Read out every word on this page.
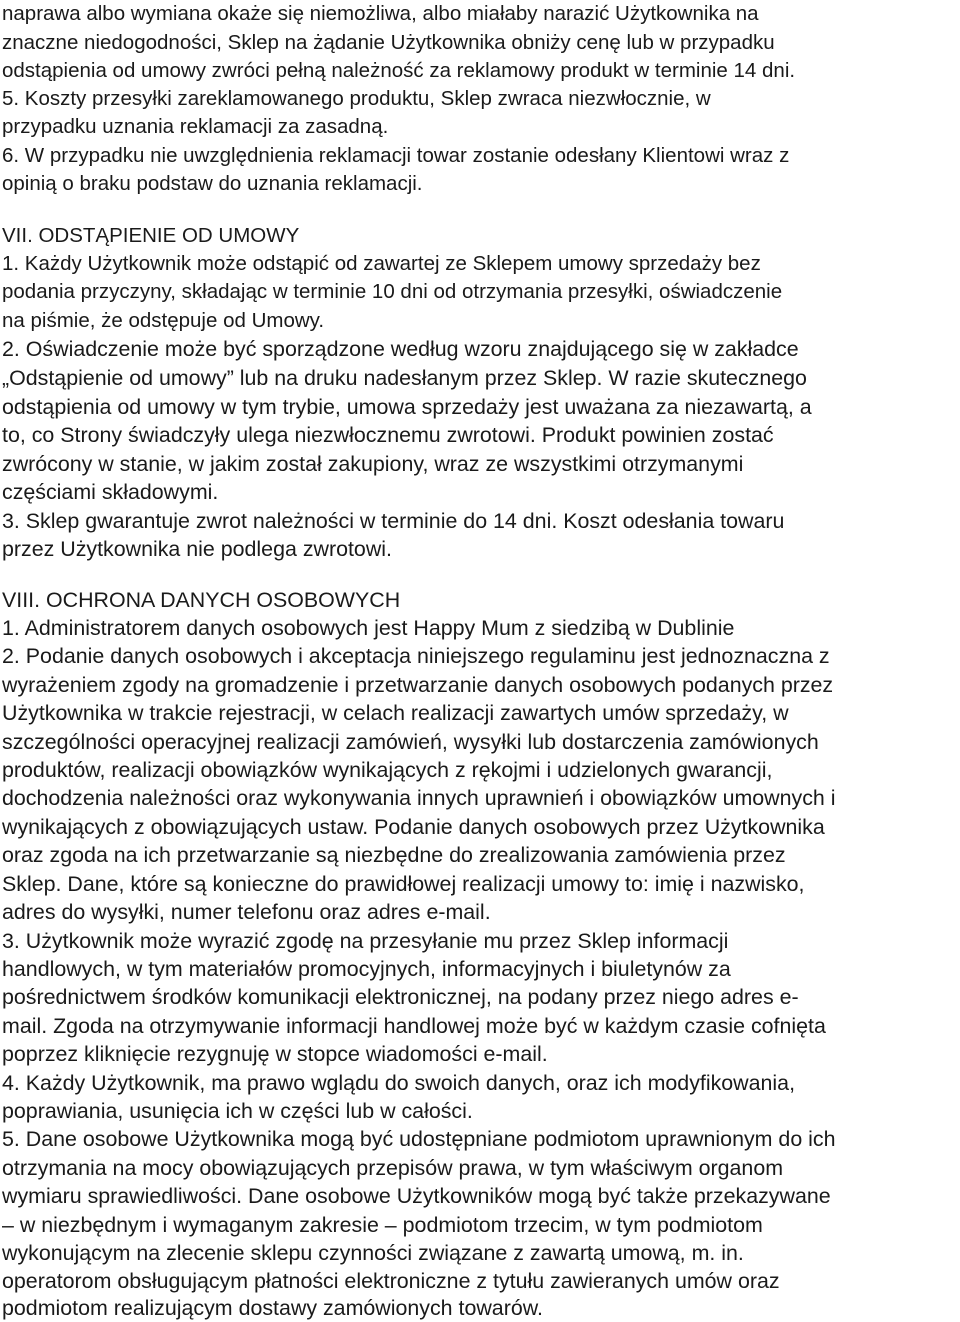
naprawa albo wymiana okaże się niemożliwa, albo miałaby narazić Użytkownika na
znaczne niedogodności, Sklep na żądanie Użytkownika obniży cenę lub w przypadku
odstąpienia od umowy zwróci pełną należność za reklamowy produkt w terminie 14 dni.
5. Koszty przesyłki zareklamowanego produktu, Sklep zwraca niezwłocznie, w
przypadku uznania reklamacji za zasadną.
6. W przypadku nie uwzględnienia reklamacji towar zostanie odesłany Klientowi wraz z
opinią o braku podstaw do uznania reklamacji.
VII. ODSTĄPIENIE OD UMOWY
1. Każdy Użytkownik może odstąpić od zawartej ze Sklepem umowy sprzedaży bez
podania przyczyny, składając w terminie 10 dni od otrzymania przesyłki, oświadczenie
na piśmie, że odstępuje od Umowy.
2. Oświadczenie może być sporządzone według wzoru znajdującego się w zakładce
„Odstąpienie od umowy” lub na druku nadesłanym przez Sklep. W razie skutecznego
odstąpienia od umowy w tym trybie, umowa sprzedaży jest uważana za niezawartą, a
to, co Strony świadczyły ulega niezwłocznemu zwrotowi. Produkt powinien zostać
zwrócony w stanie, w jakim został zakupiony, wraz ze wszystkimi otrzymanymi
częściami składowymi.
3. Sklep gwarantuje zwrot należności w terminie do 14 dni. Koszt odesłania towaru
przez Użytkownika nie podlega zwrotowi.
VIII. OCHRONA DANYCH OSOBOWYCH
1. Administratorem danych osobowych jest Happy Mum z siedzibą w Dublinie
2. Podanie danych osobowych i akceptacja niniejszego regulaminu jest jednoznaczna z
wyrażeniem zgody na gromadzenie i przetwarzanie danych osobowych podanych przez
Użytkownika w trakcie rejestracji, w celach realizacji zawartych umów sprzedaży, w
szczególności operacyjnej realizacji zamówień, wysyłki lub dostarczenia zamówionych
produktów, realizacji obowiązków wynikających z rękojmi i udzielonych gwarancji,
dochodzenia należności oraz wykonywania innych uprawnień i obowiązków umownych i
wynikających z obowiązujących ustaw. Podanie danych osobowych przez Użytkownika
oraz zgoda na ich przetwarzanie są niezbędne do zrealizowania zamówienia przez
Sklep. Dane, które są konieczne do prawidłowej realizacji umowy to: imię i nazwisko,
adres do wysyłki, numer telefonu oraz adres e-mail.
3. Użytkownik może wyrazić zgodę na przesyłanie mu przez Sklep informacji
handlowych, w tym materiałów promocyjnych, informacyjnych i biuletynów za
pośrednictwem środków komunikacji elektronicznej, na podany przez niego adres e-
mail. Zgoda na otrzymywanie informacji handlowej może być w każdym czasie cofnięta
poprzez kliknięcie rezygnuję w stopce wiadomości e-mail.
4. Każdy Użytkownik, ma prawo wglądu do swoich danych, oraz ich modyfikowania,
poprawiania, usunięcia ich w części lub w całości.
5. Dane osobowe Użytkownika mogą być udostępniane podmiotom uprawnionym do ich
otrzymania na mocy obowiązujących przepisów prawa, w tym właściwym organom
wymiaru sprawiedliwości. Dane osobowe Użytkowników mogą być także przekazywane
– w niezbędnym i wymaganym zakresie – podmiotom trzecim, w tym podmiotom
wykonującym na zlecenie sklepu czynności związane z zawartą umową, m. in.
operatorom obsługującym płatności elektroniczne z tytułu zawieranych umów oraz
podmiotom realizującym dostawy zamówionych towarów.
